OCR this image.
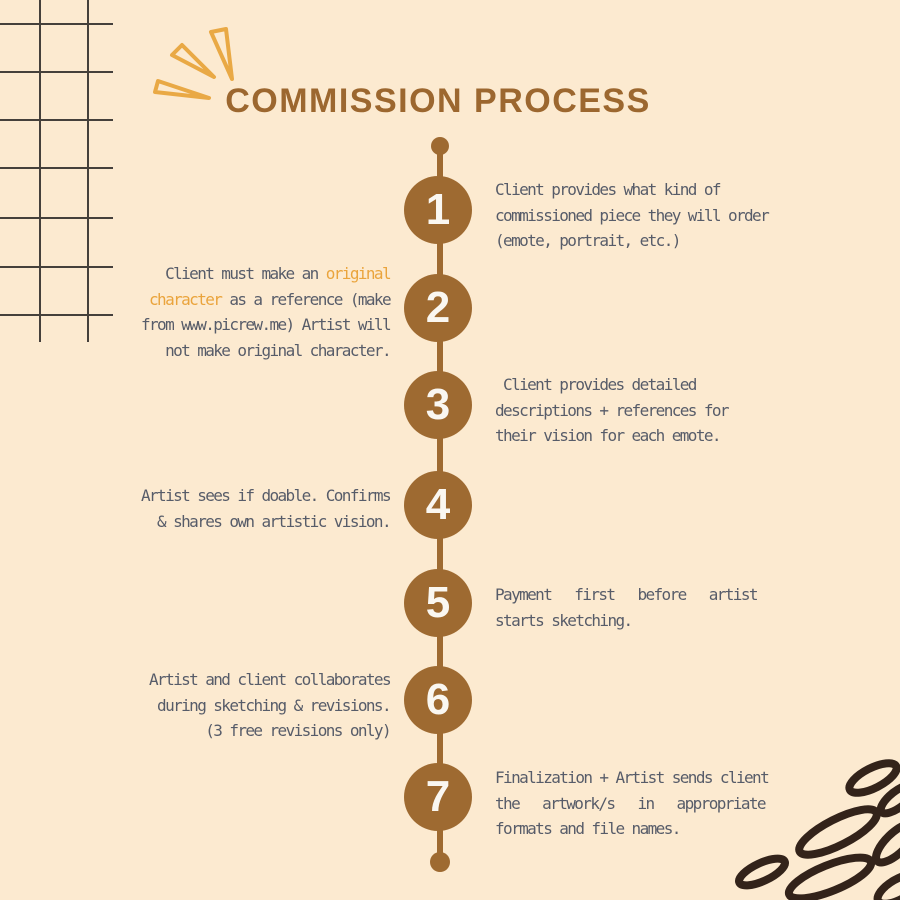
COMMISSION PROCESS
1
2
3
4
5
6
7
Client provides what kind of
commissioned piece they will order
(emote, portrait, etc.)
Client must make an original
character as a reference (make
from www.picrew.me) Artist will
not make original character.
Client provides detailed
descriptions + references for
their vision for each emote.
Artist sees if doable. Confirms
& shares own artistic vision.
Payment first before artist
starts sketching.
Artist and client collaborates
during sketching & revisions.
(3 free revisions only)
Finalization + Artist sends client
the artwork/s in appropriate
formats and file names.
